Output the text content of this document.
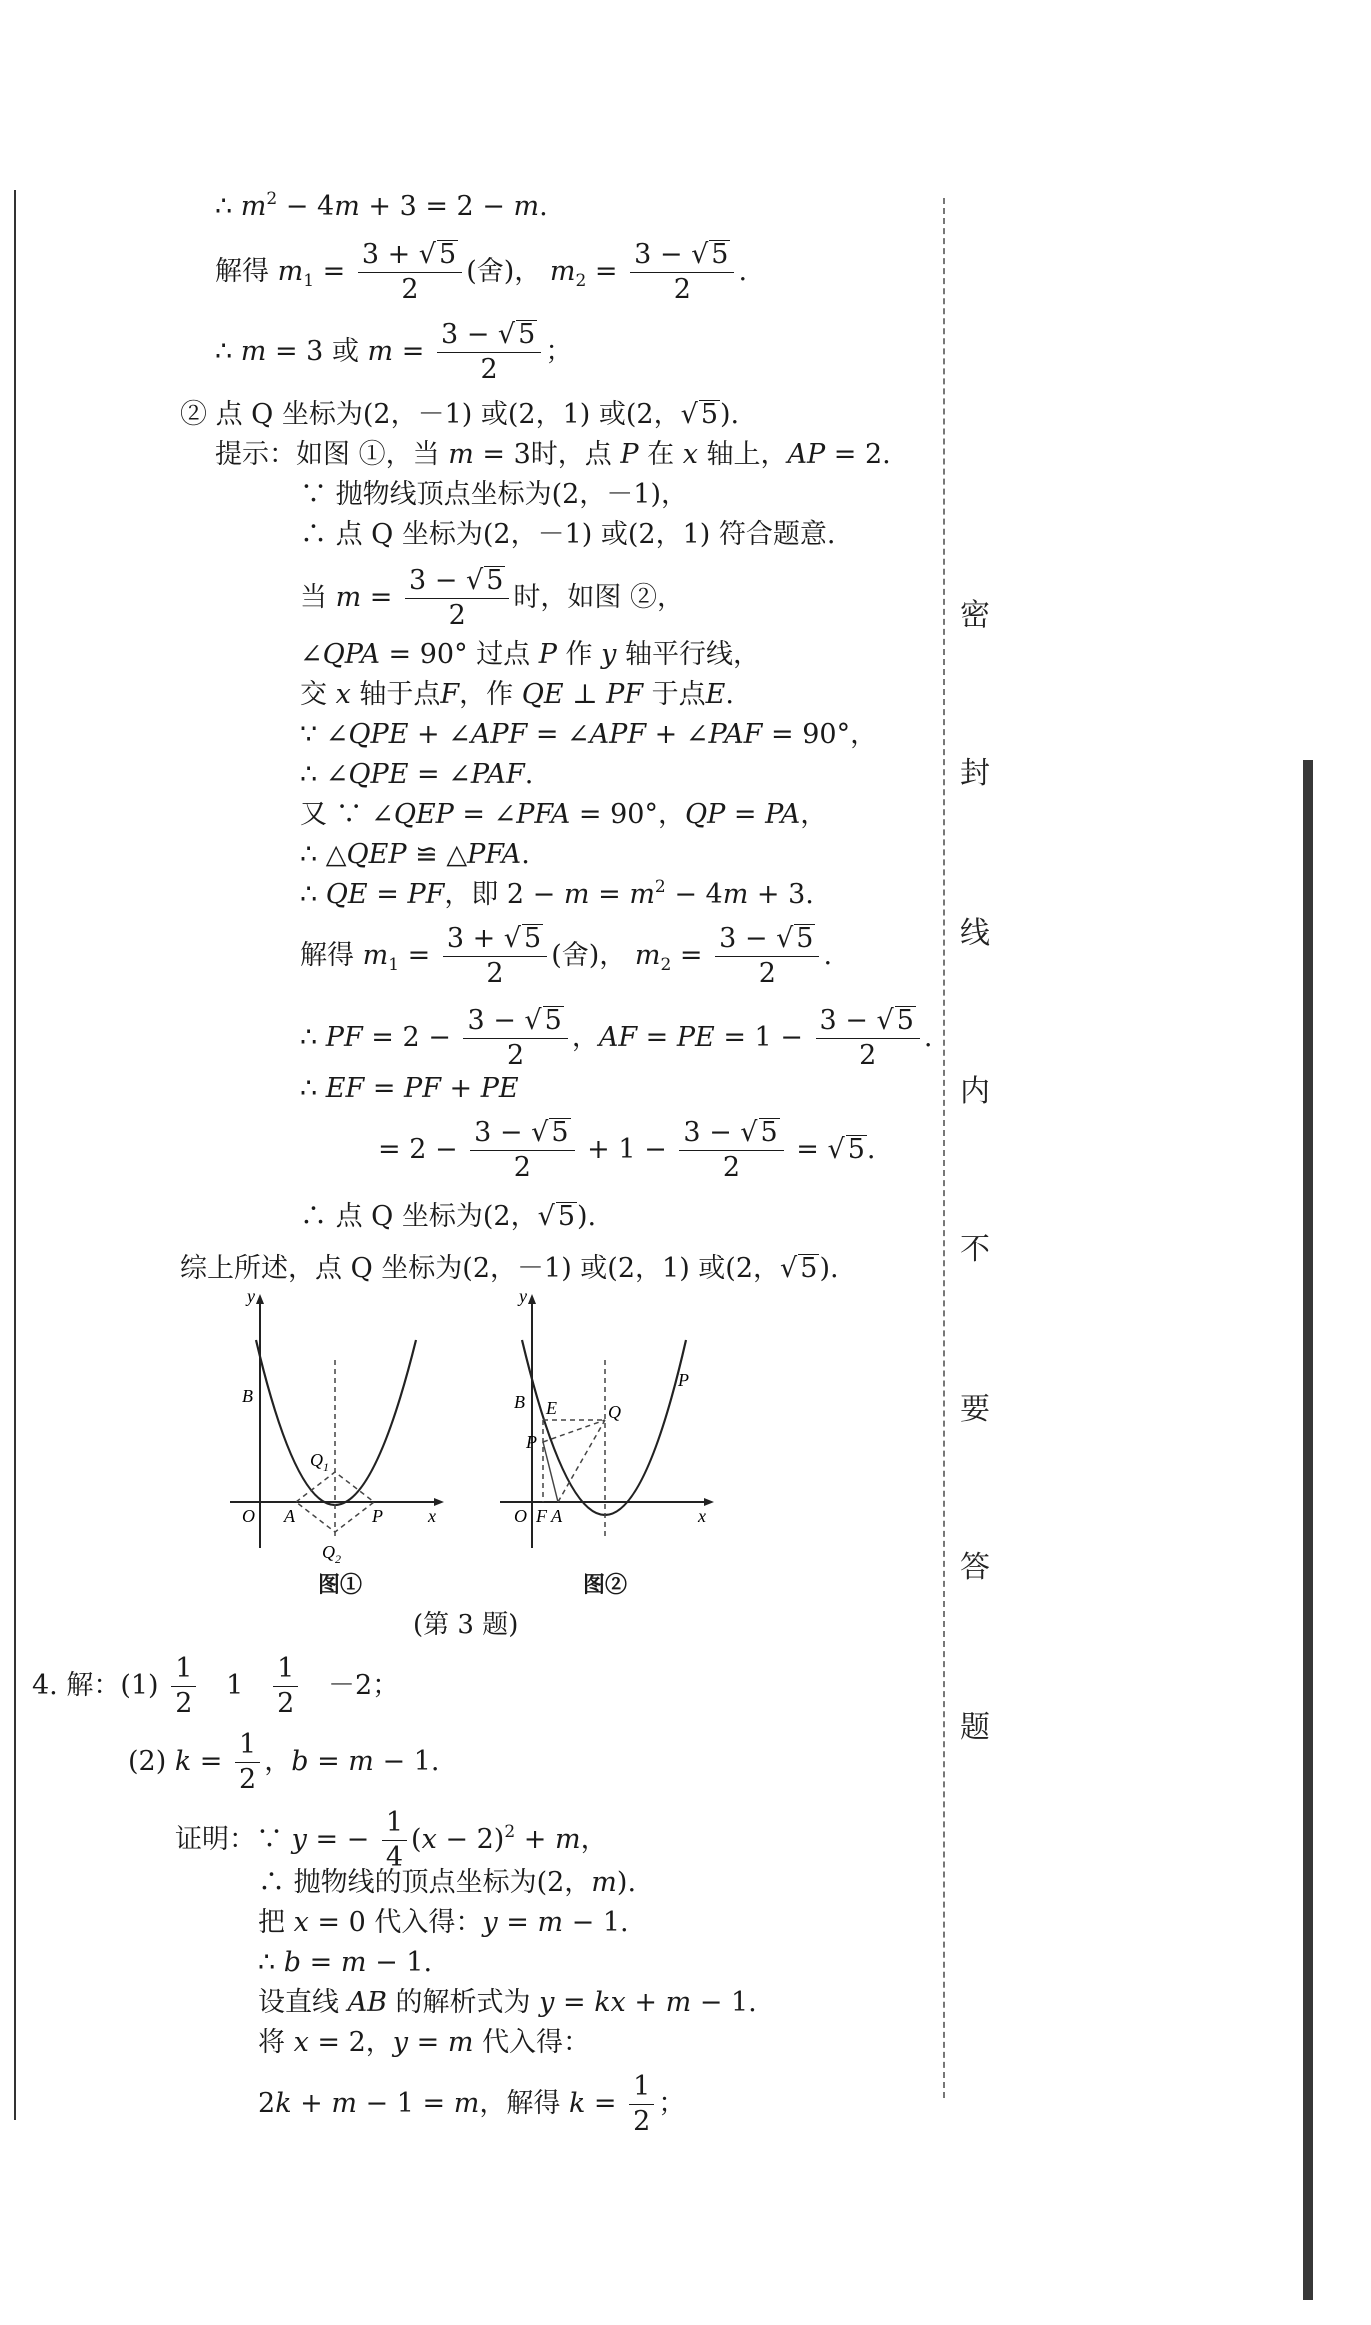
密
封
线
内
不
要
答
题
∴ $m^2 - 4m + 3 = 2 - m$.
解得 $m_1 = \frac{3 + √ 5}{2}$ (舍)， $m_2 = \frac{3 - √ 5}{2}$ .
∴ m = 3 或 $m = \frac{3 - √ 5}{2}$ ；
② 点 Q 坐标为(2，－1) 或(2，1) 或(2，√ 5).
提示：如图 ①，当 m = 3时，点 P 在 x 轴上，AP = 2.
∵ 抛物线顶点坐标为(2，－1)，
∴ 点 Q 坐标为(2，－1) 或(2，1) 符合题意.
当 $m = \frac{3 - √ 5}{2}$ 时，如图 ②，
∠QPA = 90° 过点 P 作 y 轴平行线，
交 x 轴于点F，作 QE ⊥ PF 于点E.
∵ ∠QPE + ∠APF = ∠APF + ∠PAF = 90°，
∴ ∠QPE = ∠PAF.
又 ∵ ∠QEP = ∠PFA = 90°，QP = PA，
∴ △QEP ≌ △PFA.
∴ QE = PF，即 $2 - m = m^2 - 4m + 3$.
解得 $m_1 = \frac{3 + √ 5}{2}$ (舍)， $m_2 = \frac{3 - √ 5}{2}$ .
∴ PF = $2 - \frac{3 - √ 5}{2}$ ，AF = PE = $1 - \frac{3 - √ 5}{2}$ .
∴ EF = PF + PE
= $2 - \frac{3 - √ 5}{2} + 1 - \frac{3 - √ 5}{2}$ = √ 5.
∴ 点 Q 坐标为(2，√ 5).
综上所述，点 Q 坐标为(2，－1) 或(2，1) 或(2，√ 5).
y
x
O
B
A	P
$Q_1$
$Q_2$
图①
y
x
O
B E	Q
P
P
F A
图②
(第 3 题)
4. 解：$(1) \frac{1}{2} 1 \frac{1}{2} -2$；
(2) $k = \frac{1}{2}$ ，b = m − 1.
证明：∵ y = − $\frac{1}{4} (x - 2)^2 + m$，
∴ 抛物线的顶点坐标为(2，m).
把 x = 0 代入得：y = m − 1.
∴ b = m − 1.
设直线 AB 的解析式为 y = kx + m − 1.
将 x = 2，y = m 代入得：
2k + m − 1 = m，解得 $k = \frac{1}{2}$ ；
